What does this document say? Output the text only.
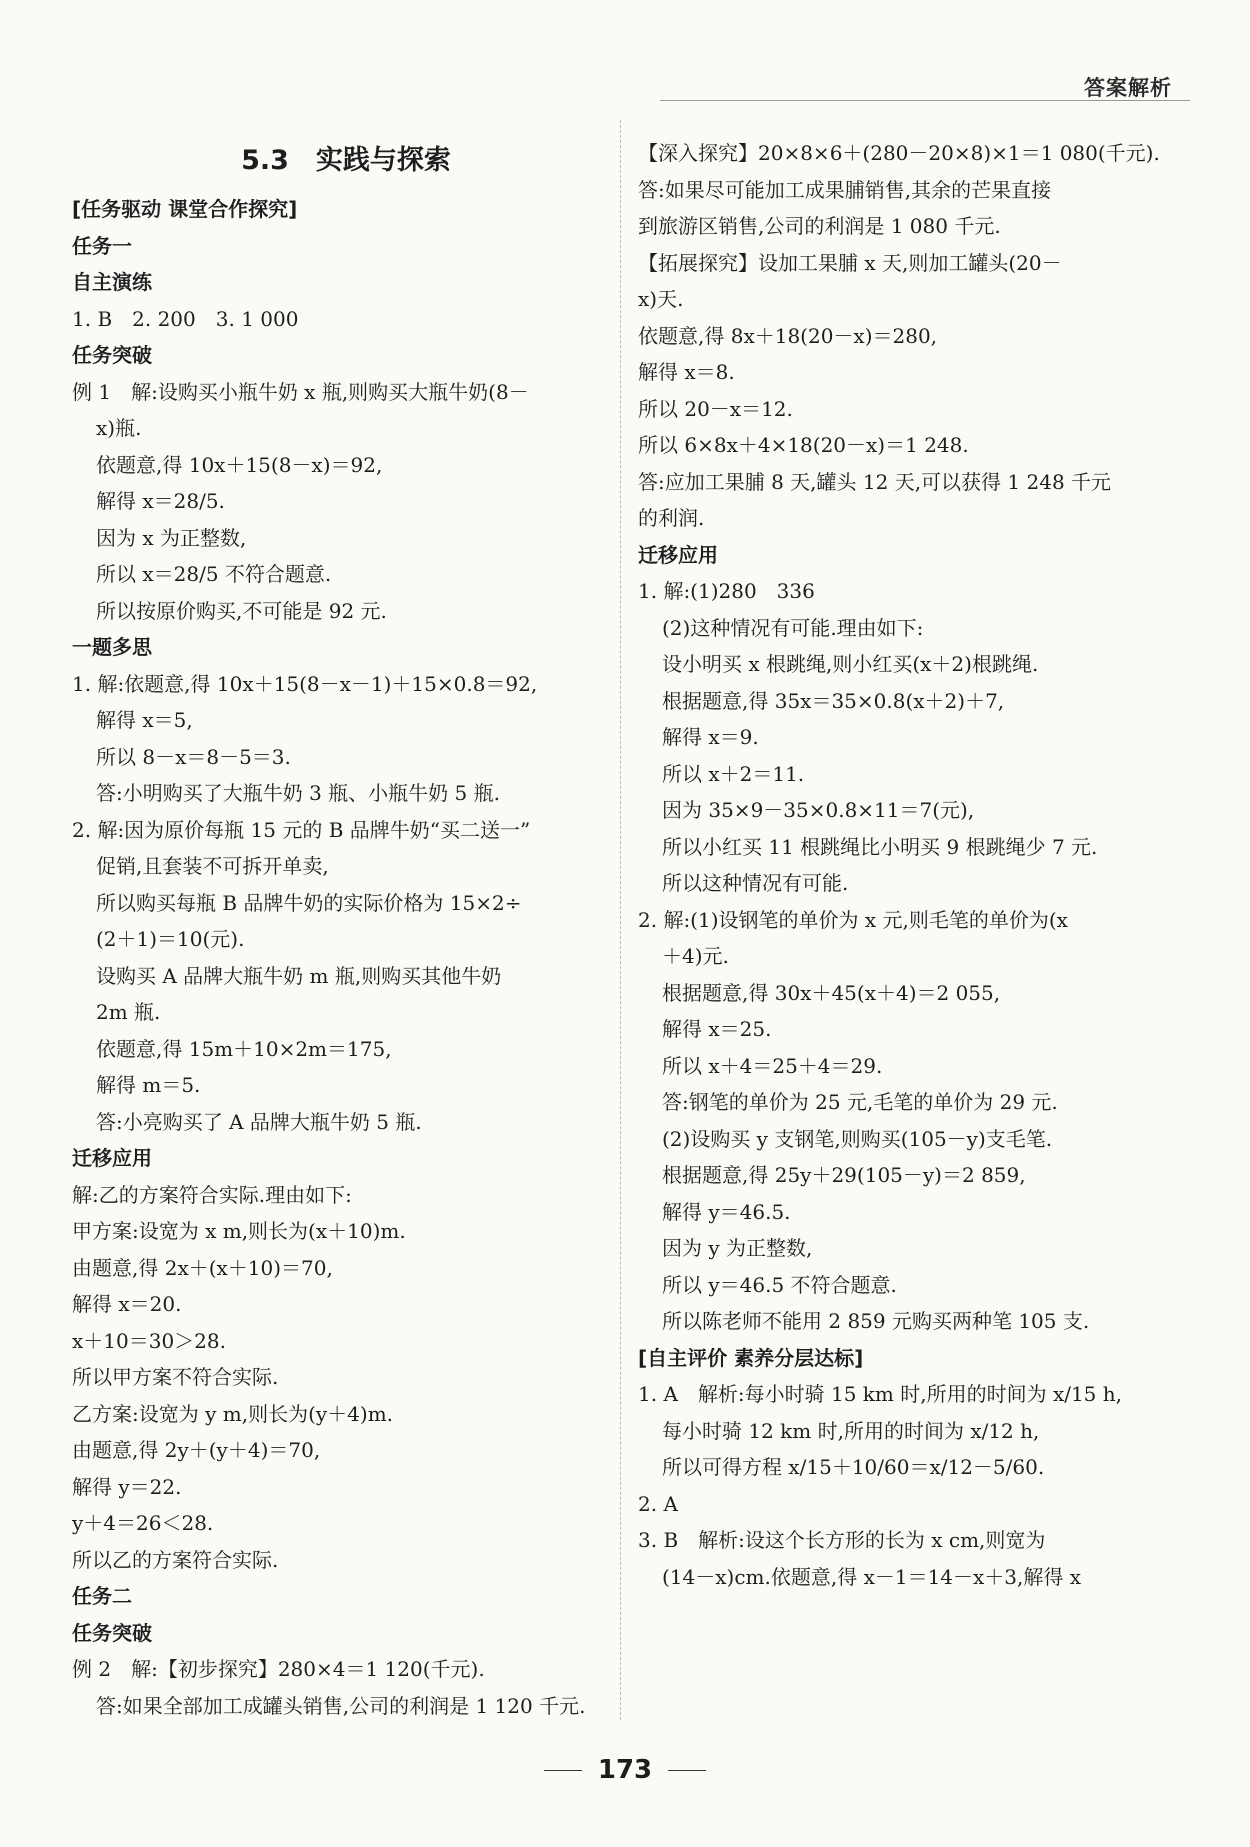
答案解析
5.3　实践与探索
[任务驱动 课堂合作探究]
任务一
自主演练
1. B　2. 200　3. 1 000
任务突破
例 1　解:设购买小瓶牛奶 x 瓶,则购买大瓶牛奶(8－
x)瓶.
依题意,得 10x＋15(8－x)＝92,
解得 x＝28/5.
因为 x 为正整数,
所以 x＝28/5 不符合题意.
所以按原价购买,不可能是 92 元.
一题多思
1. 解:依题意,得 10x＋15(8－x－1)＋15×0.8＝92,
解得 x＝5,
所以 8－x＝8－5＝3.
答:小明购买了大瓶牛奶 3 瓶、小瓶牛奶 5 瓶.
2. 解:因为原价每瓶 15 元的 B 品牌牛奶“买二送一”
促销,且套装不可拆开单卖,
所以购买每瓶 B 品牌牛奶的实际价格为 15×2÷
(2＋1)＝10(元).
设购买 A 品牌大瓶牛奶 m 瓶,则购买其他牛奶
2m 瓶.
依题意,得 15m＋10×2m＝175,
解得 m＝5.
答:小亮购买了 A 品牌大瓶牛奶 5 瓶.
迁移应用
解:乙的方案符合实际.理由如下:
甲方案:设宽为 x m,则长为(x＋10)m.
由题意,得 2x＋(x＋10)＝70,
解得 x＝20.
x＋10＝30＞28.
所以甲方案不符合实际.
乙方案:设宽为 y m,则长为(y＋4)m.
由题意,得 2y＋(y＋4)＝70,
解得 y＝22.
y＋4＝26＜28.
所以乙的方案符合实际.
任务二
任务突破
例 2　解:【初步探究】280×4＝1 120(千元).
答:如果全部加工成罐头销售,公司的利润是 1 120 千元.
【深入探究】20×8×6＋(280－20×8)×1＝1 080(千元).
答:如果尽可能加工成果脯销售,其余的芒果直接
到旅游区销售,公司的利润是 1 080 千元.
【拓展探究】设加工果脯 x 天,则加工罐头(20－
x)天.
依题意,得 8x＋18(20－x)＝280,
解得 x＝8.
所以 20－x＝12.
所以 6×8x＋4×18(20－x)＝1 248.
答:应加工果脯 8 天,罐头 12 天,可以获得 1 248 千元
的利润.
迁移应用
1. 解:(1)280　336
(2)这种情况有可能.理由如下:
设小明买 x 根跳绳,则小红买(x＋2)根跳绳.
根据题意,得 35x＝35×0.8(x＋2)＋7,
解得 x＝9.
所以 x＋2＝11.
因为 35×9－35×0.8×11＝7(元),
所以小红买 11 根跳绳比小明买 9 根跳绳少 7 元.
所以这种情况有可能.
2. 解:(1)设钢笔的单价为 x 元,则毛笔的单价为(x
＋4)元.
根据题意,得 30x＋45(x＋4)＝2 055,
解得 x＝25.
所以 x＋4＝25＋4＝29.
答:钢笔的单价为 25 元,毛笔的单价为 29 元.
(2)设购买 y 支钢笔,则购买(105－y)支毛笔.
根据题意,得 25y＋29(105－y)＝2 859,
解得 y＝46.5.
因为 y 为正整数,
所以 y＝46.5 不符合题意.
所以陈老师不能用 2 859 元购买两种笔 105 支.
[自主评价 素养分层达标]
1. A　解析:每小时骑 15 km 时,所用的时间为 x/15 h,
每小时骑 12 km 时,所用的时间为 x/12 h,
所以可得方程 x/15＋10/60＝x/12－5/60.
2. A
3. B　解析:设这个长方形的长为 x cm,则宽为
(14－x)cm.依题意,得 x－1＝14－x＋3,解得 x
173
